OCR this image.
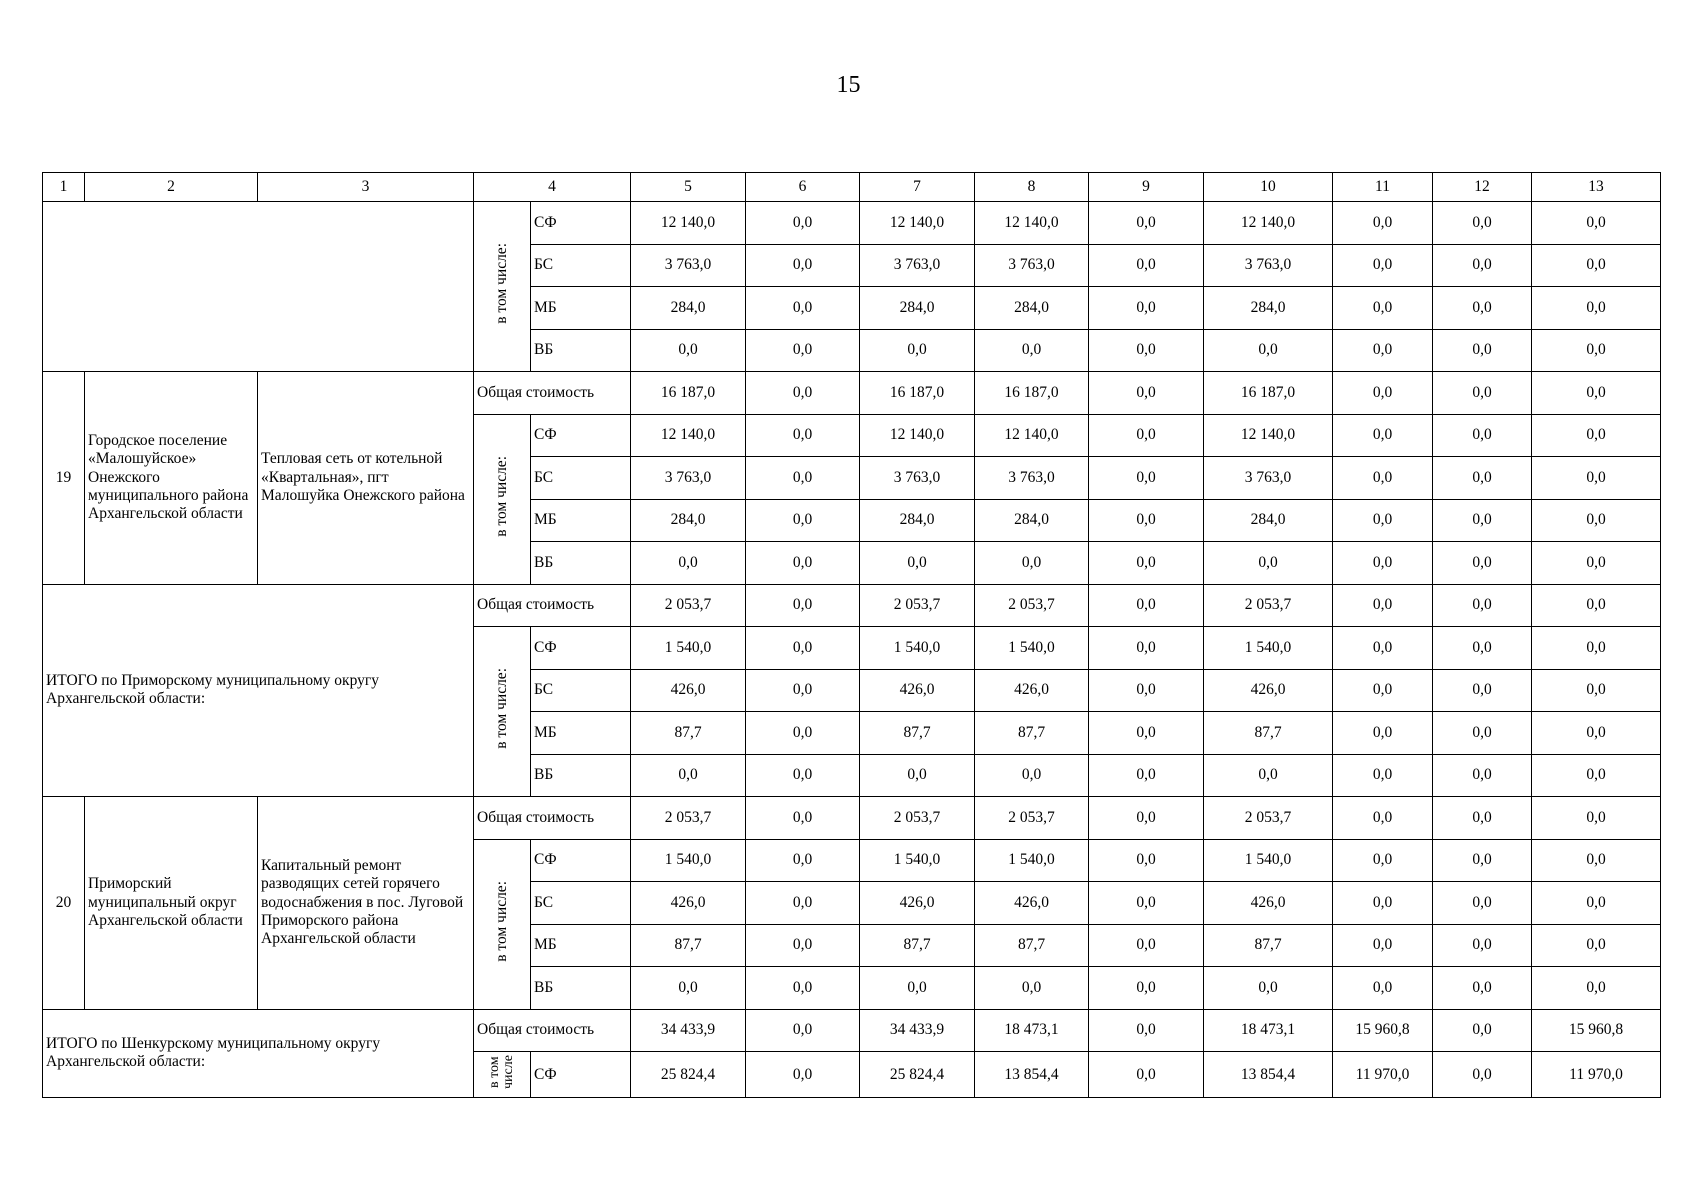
15
1	2	3	4		5	6	7	8	9	10	11	12	13
			в том числе:	СФ	12 140,0	0,0	12 140,0	12 140,0	0,0	12 140,0	0,0	0,0	0,0
				БС	3 763,0	0,0	3 763,0	3 763,0	0,0	3 763,0	0,0	0,0	0,0
				МБ	284,0	0,0	284,0	284,0	0,0	284,0	0,0	0,0	0,0
				ВБ	0,0	0,0	0,0	0,0	0,0	0,0	0,0	0,0	0,0
19	Городское поселение «Малошуйское» Онежского муниципального района Архангельской области	Тепловая сеть от котельной «Квартальная», пгт Малошуйка Онежского района	Общая стоимость		16 187,0	0,0	16 187,0	16 187,0	0,0	16 187,0	0,0	0,0	0,0
			в том числе:	СФ	12 140,0	0,0	12 140,0	12 140,0	0,0	12 140,0	0,0	0,0	0,0
				БС	3 763,0	0,0	3 763,0	3 763,0	0,0	3 763,0	0,0	0,0	0,0
				МБ	284,0	0,0	284,0	284,0	0,0	284,0	0,0	0,0	0,0
				ВБ	0,0	0,0	0,0	0,0	0,0	0,0	0,0	0,0	0,0
ИТОГО по Приморскому муниципальному округу Архангельской области:			Общая стоимость		2 053,7	0,0	2 053,7	2 053,7	0,0	2 053,7	0,0	0,0	0,0
			в том числе:	СФ	1 540,0	0,0	1 540,0	1 540,0	0,0	1 540,0	0,0	0,0	0,0
				БС	426,0	0,0	426,0	426,0	0,0	426,0	0,0	0,0	0,0
				МБ	87,7	0,0	87,7	87,7	0,0	87,7	0,0	0,0	0,0
				ВБ	0,0	0,0	0,0	0,0	0,0	0,0	0,0	0,0	0,0
20	Приморский муниципальный округ Архангельской области	Капитальный ремонт разводящих сетей горячего водоснабжения в пос. Луговой Приморского района Архангельской области	Общая стоимость		2 053,7	0,0	2 053,7	2 053,7	0,0	2 053,7	0,0	0,0	0,0
			в том числе:	СФ	1 540,0	0,0	1 540,0	1 540,0	0,0	1 540,0	0,0	0,0	0,0
				БС	426,0	0,0	426,0	426,0	0,0	426,0	0,0	0,0	0,0
				МБ	87,7	0,0	87,7	87,7	0,0	87,7	0,0	0,0	0,0
				ВБ	0,0	0,0	0,0	0,0	0,0	0,0	0,0	0,0	0,0
ИТОГО по Шенкурскому муниципальному округу Архангельской области:			Общая стоимость		34 433,9	0,0	34 433,9	18 473,1	0,0	18 473,1	15 960,8	0,0	15 960,8
			в том числе	СФ	25 824,4	0,0	25 824,4	13 854,4	0,0	13 854,4	11 970,0	0,0	11 970,0
